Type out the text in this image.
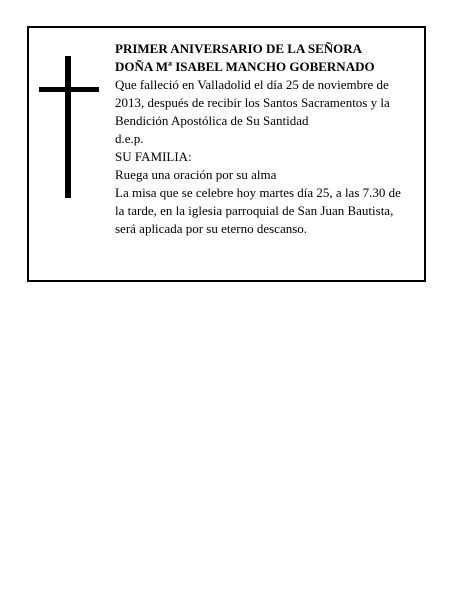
PRIMER ANIVERSARIO DE LA SEÑORA
DOÑA Mª ISABEL MANCHO GOBERNADO
Que falleció en Valladolid el día 25 de noviembre de
2013, después de recibir los Santos Sacramentos y la
Bendición Apostólica de Su Santidad
d.e.p.
SU FAMILIA:
Ruega una oración por su alma
La misa que se celebre hoy martes día 25, a las 7.30 de
la tarde, en la iglesia parroquial de San Juan Bautista,
será aplicada por su eterno descanso.
